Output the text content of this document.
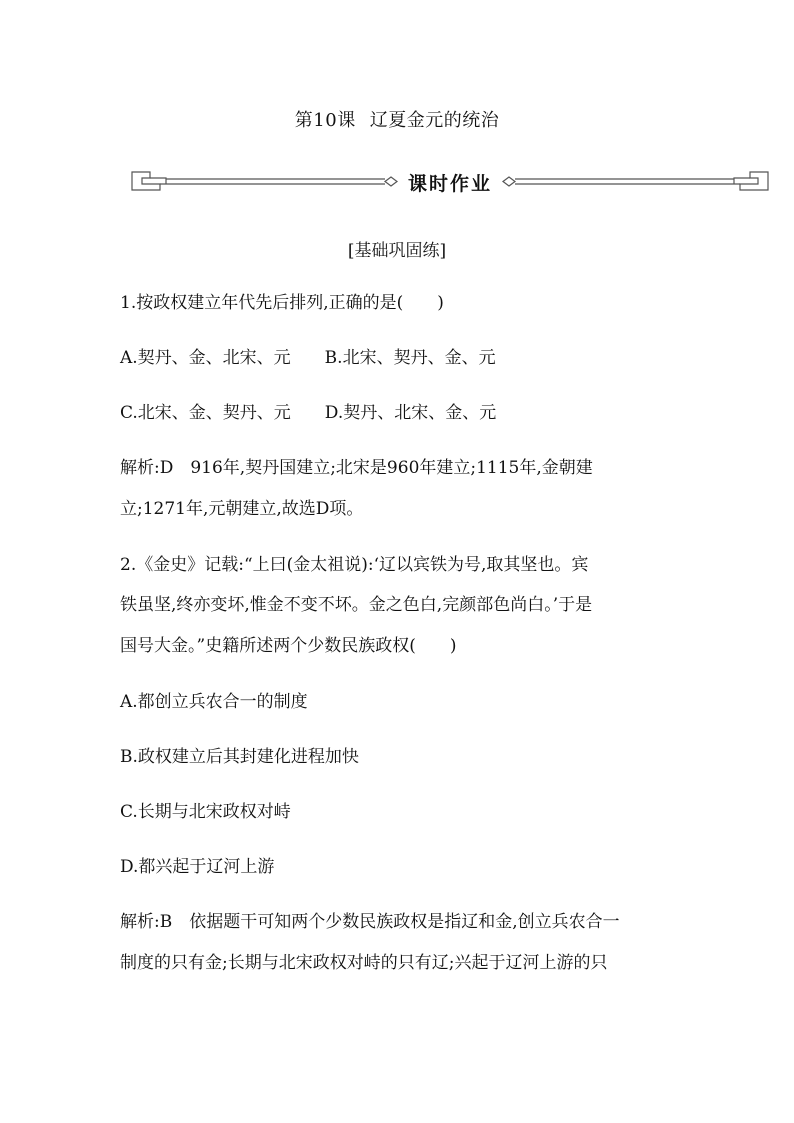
第10课 辽夏金元的统治
课时作业
[基础巩固练]
1.按政权建立年代先后排列,正确的是(　　)
A.契丹、金、北宋、元　　B.北宋、契丹、金、元
C.北宋、金、契丹、元　　D.契丹、北宋、金、元
解析:D　916年,契丹国建立;北宋是960年建立;1115年,金朝建
立;1271年,元朝建立,故选D项。
2.《金史》记载:“上曰(金太祖说):‘辽以宾铁为号,取其坚也。宾
铁虽坚,终亦变坏,惟金不变不坏。金之色白,完颜部色尚白。’于是
国号大金。”史籍所述两个少数民族政权(　　)
A.都创立兵农合一的制度
B.政权建立后其封建化进程加快
C.长期与北宋政权对峙
D.都兴起于辽河上游
解析:B　依据题干可知两个少数民族政权是指辽和金,创立兵农合一
制度的只有金;长期与北宋政权对峙的只有辽;兴起于辽河上游的只
